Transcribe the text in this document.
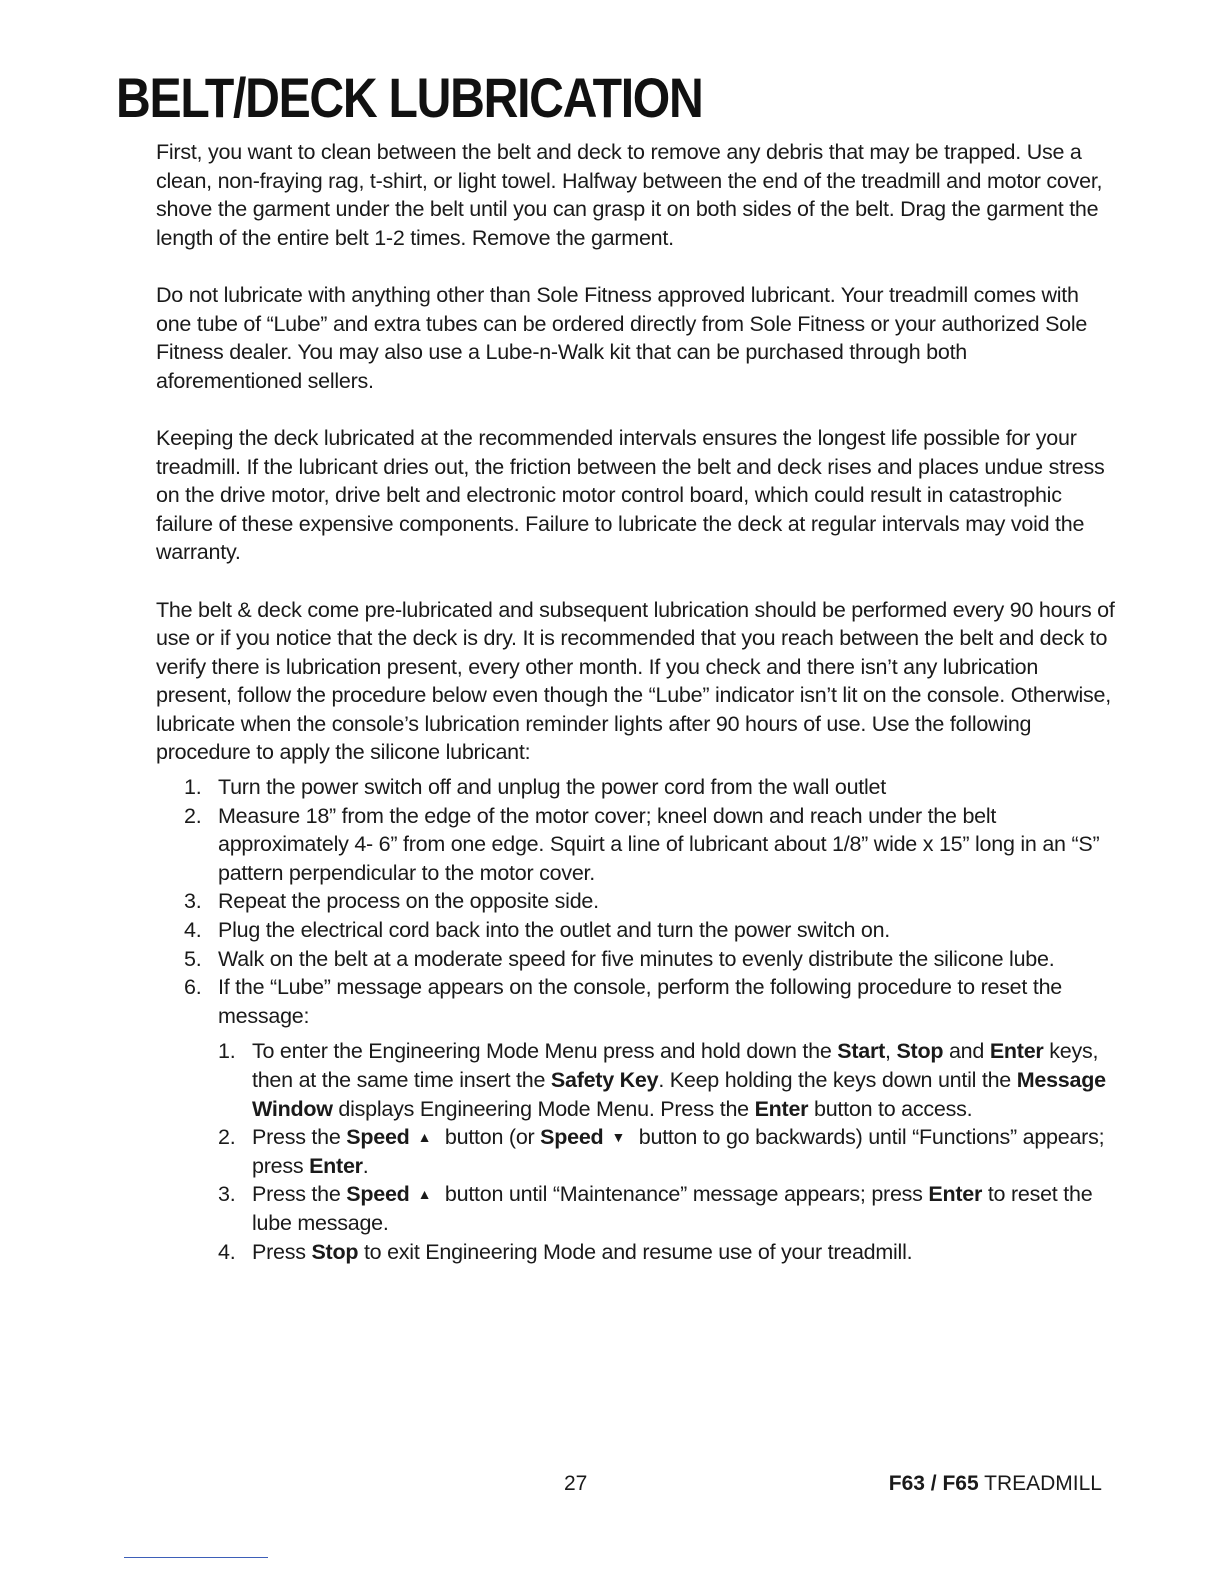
BELT/DECK LUBRICATION

First, you want to clean between the belt and deck to remove any debris that may be trapped. Use a clean, non-fraying rag, t-shirt, or light towel. Halfway between the end of the treadmill and motor cover, shove the garment under the belt until you can grasp it on both sides of the belt. Drag the garment the length of the entire belt 1-2 times. Remove the garment.

Do not lubricate with anything other than Sole Fitness approved lubricant. Your treadmill comes with one tube of “Lube” and extra tubes can be ordered directly from Sole Fitness or your authorized Sole Fitness dealer. You may also use a Lube-n-Walk kit that can be purchased through both aforementioned sellers.

Keeping the deck lubricated at the recommended intervals ensures the longest life possible for your treadmill. If the lubricant dries out, the friction between the belt and deck rises and places undue stress on the drive motor, drive belt and electronic motor control board, which could result in catastrophic failure of these expensive components. Failure to lubricate the deck at regular intervals may void the warranty.

The belt & deck come pre-lubricated and subsequent lubrication should be performed every 90 hours of use or if you notice that the deck is dry. It is recommended that you reach between the belt and deck to verify there is lubrication present, every other month. If you check and there isn’t any lubrication present, follow the procedure below even though the “Lube” indicator isn’t lit on the console. Otherwise, lubricate when the console’s lubrication reminder lights after 90 hours of use. Use the following procedure to apply the silicone lubricant:

1. Turn the power switch off and unplug the power cord from the wall outlet
2. Measure 18” from the edge of the motor cover; kneel down and reach under the belt approximately 4- 6” from one edge. Squirt a line of lubricant about 1/8” wide x 15” long in an “S” pattern perpendicular to the motor cover.
3. Repeat the process on the opposite side.
4. Plug the electrical cord back into the outlet and turn the power switch on.
5. Walk on the belt at a moderate speed for five minutes to evenly distribute the silicone lube.
6. If the “Lube” message appears on the console, perform the following procedure to reset the message:
1. To enter the Engineering Mode Menu press and hold down the Start, Stop and Enter keys, then at the same time insert the Safety Key. Keep holding the keys down until the Message Window displays Engineering Mode Menu. Press the Enter button to access.
2. Press the Speed ▲ button (or Speed ▼ button to go backwards) until “Functions” appears; press Enter.
3. Press the Speed ▲ button until “Maintenance” message appears; press Enter to reset the lube message.
4. Press Stop to exit Engineering Mode and resume use of your treadmill.
27	F63 / F65 TREADMILL
